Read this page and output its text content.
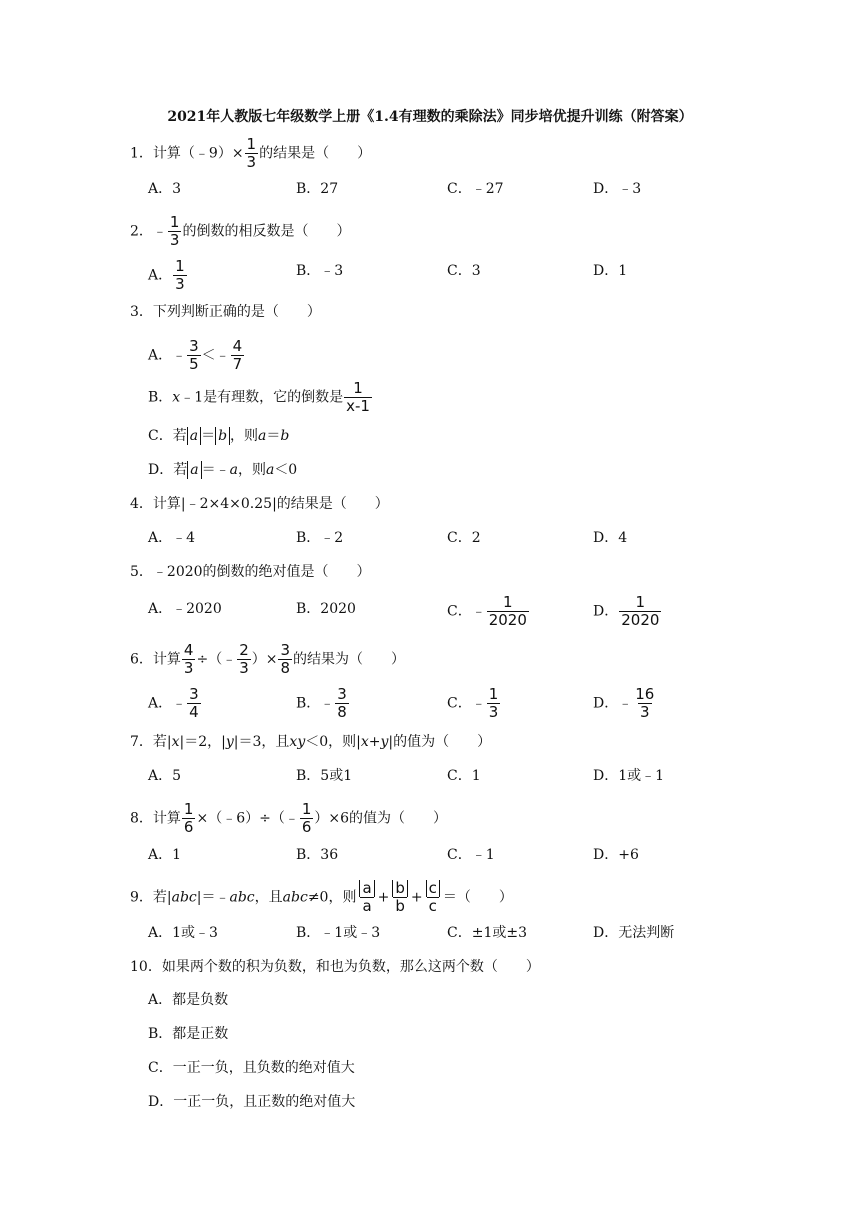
2021年人教版七年级数学上册《1.4有理数的乘除法》同步培优提升训练（附答案）
1．计算（﹣9）× $\frac{1}{3}$ 的结果是（　　）
A．3	B．27	C．﹣27	D．﹣3
2．﹣ $\frac{1}{3}$ 的倒数的相反数是（　　）
A． $\frac{1}{3}$	B．﹣3	C．3	D．1
3．下列判断正确的是（　　）
A．﹣ $\frac{3}{5}$ ＜﹣ $\frac{4}{7}$
B．x﹣1是有理数，它的倒数是 $\frac{1}{x-1}$
C．若 a ＝ b ，则a＝b
D．若 a ＝﹣a，则a＜0
4．计算|﹣2×4×0.25|的结果是（　　）
A．﹣4	B．﹣2	C．2	D．4
5．﹣2020的倒数的绝对值是（　　）
A．﹣2020	B．2020	C．﹣ $\frac{1}{2020}$	D． $\frac{1}{2020}$
6．计算 $\frac{4}{3}$ ÷（﹣ $\frac{2}{3}$ ）× $\frac{3}{8}$ 的结果为（　　）
A．﹣ $\frac{3}{4}$	B．﹣ $\frac{3}{8}$	C．﹣ $\frac{1}{3}$	D．﹣ $\frac{16}{3}$
7．若|x|＝2，|y|＝3，且xy＜0，则|x+y|的值为（　　）
A．5	B．5或1	C．1	D．1或﹣1
8．计算 $\frac{1}{6}$ ×（﹣6）÷（﹣ $\frac{1}{6} )\times 6$的值为（　　）
A．1	B．36	C．﹣1	D．+6
9．若|abc|＝﹣abc，且abc≠0，则 $\frac{a}{a} + \frac{b}{b} + \frac{c}{c}$ ＝（　　）
A．1或﹣3	B．﹣1或﹣3	C．±1或±3	D．无法判断
10．如果两个数的积为负数，和也为负数，那么这两个数（　　）
A．都是负数
B．都是正数
C．一正一负，且负数的绝对值大
D．一正一负，且正数的绝对值大
